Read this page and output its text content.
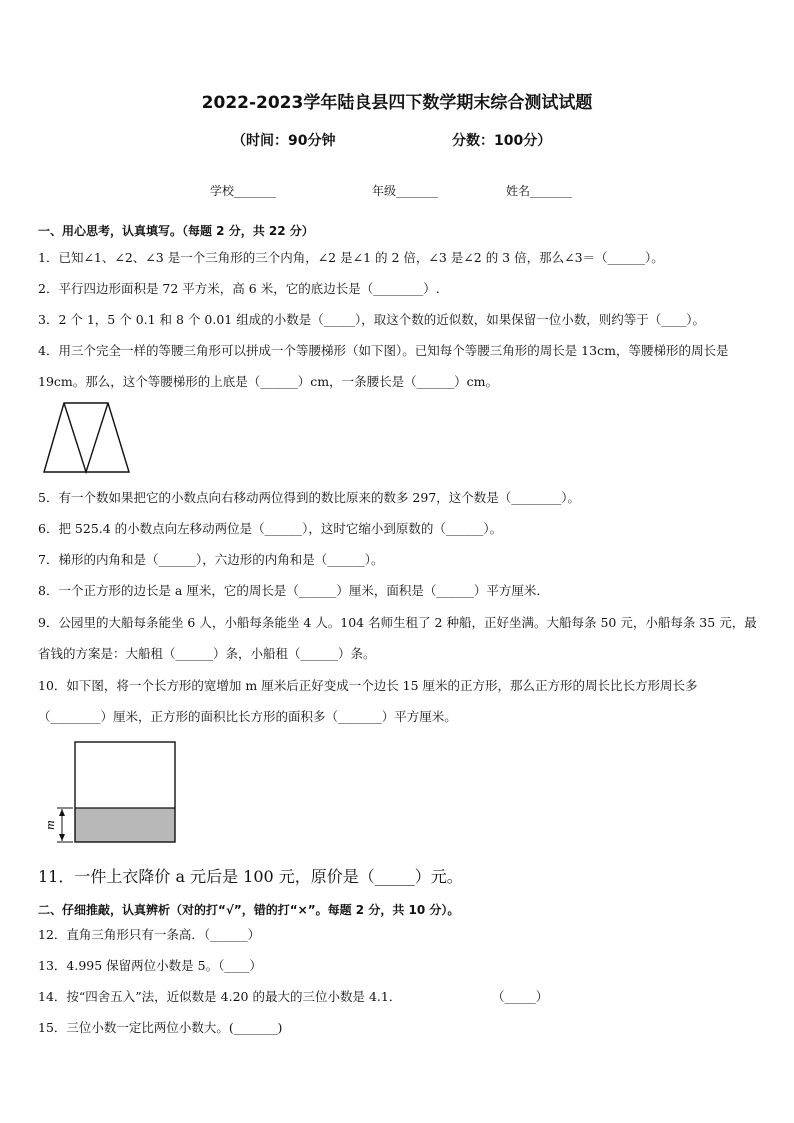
2022-2023学年陆良县四下数学期末综合测试试题
（时间：90分钟	分数：100分）
学校_______	年级_______	姓名_______
一、用心思考，认真填写。（每题 2 分，共 22 分）
1．已知∠1、∠2、∠3 是一个三角形的三个内角，∠2 是∠1 的 2 倍，∠3 是∠2 的 3 倍，那么∠3＝（______）。
2．平行四边形面积是 72 平方米，高 6 米，它的底边长是（________）.
3．2 个 1，5 个 0.1 和 8 个 0.01 组成的小数是（_____），取这个数的近似数，如果保留一位小数，则约等于（____）。
4．用三个完全一样的等腰三角形可以拼成一个等腰梯形（如下图）。已知每个等腰三角形的周长是 13cm，等腰梯形的周长是 19cm。那么，这个等腰梯形的上底是（______）cm，一条腰长是（______）cm。
5．有一个数如果把它的小数点向右移动两位得到的数比原来的数多 297，这个数是（________）。
6．把 525.4 的小数点向左移动两位是（______），这时它缩小到原数的（______）。
7．梯形的内角和是（______），六边形的内角和是（______）。
8．一个正方形的边长是 a 厘米，它的周长是（______）厘米，面积是（______）平方厘米．
9．公园里的大船每条能坐 6 人，小船每条能坐 4 人。104 名师生租了 2 种船，正好坐满。大船每条 50 元，小船每条 35 元，最省钱的方案是：大船租（______）条，小船租（______）条。
10．如下图，将一个长方形的宽增加 m 厘米后正好变成一个边长 15 厘米的正方形，那么正方形的周长比长方形周长多（________）厘米，正方形的面积比长方形的面积多（_______）平方厘米。
m
11．一件上衣降价 a 元后是 100 元，原价是（_____）元。
二、仔细推敲，认真辨析（对的打“√”，错的打“×”。每题 2 分，共 10 分）。
12．直角三角形只有一条高．（______）
13．4.995 保留两位小数是 5。（____）
14．按“四舍五入”法，近似数是 4.20 的最大的三位小数是 4.1．	（_____）
15．三位小数一定比两位小数大。(_______)
